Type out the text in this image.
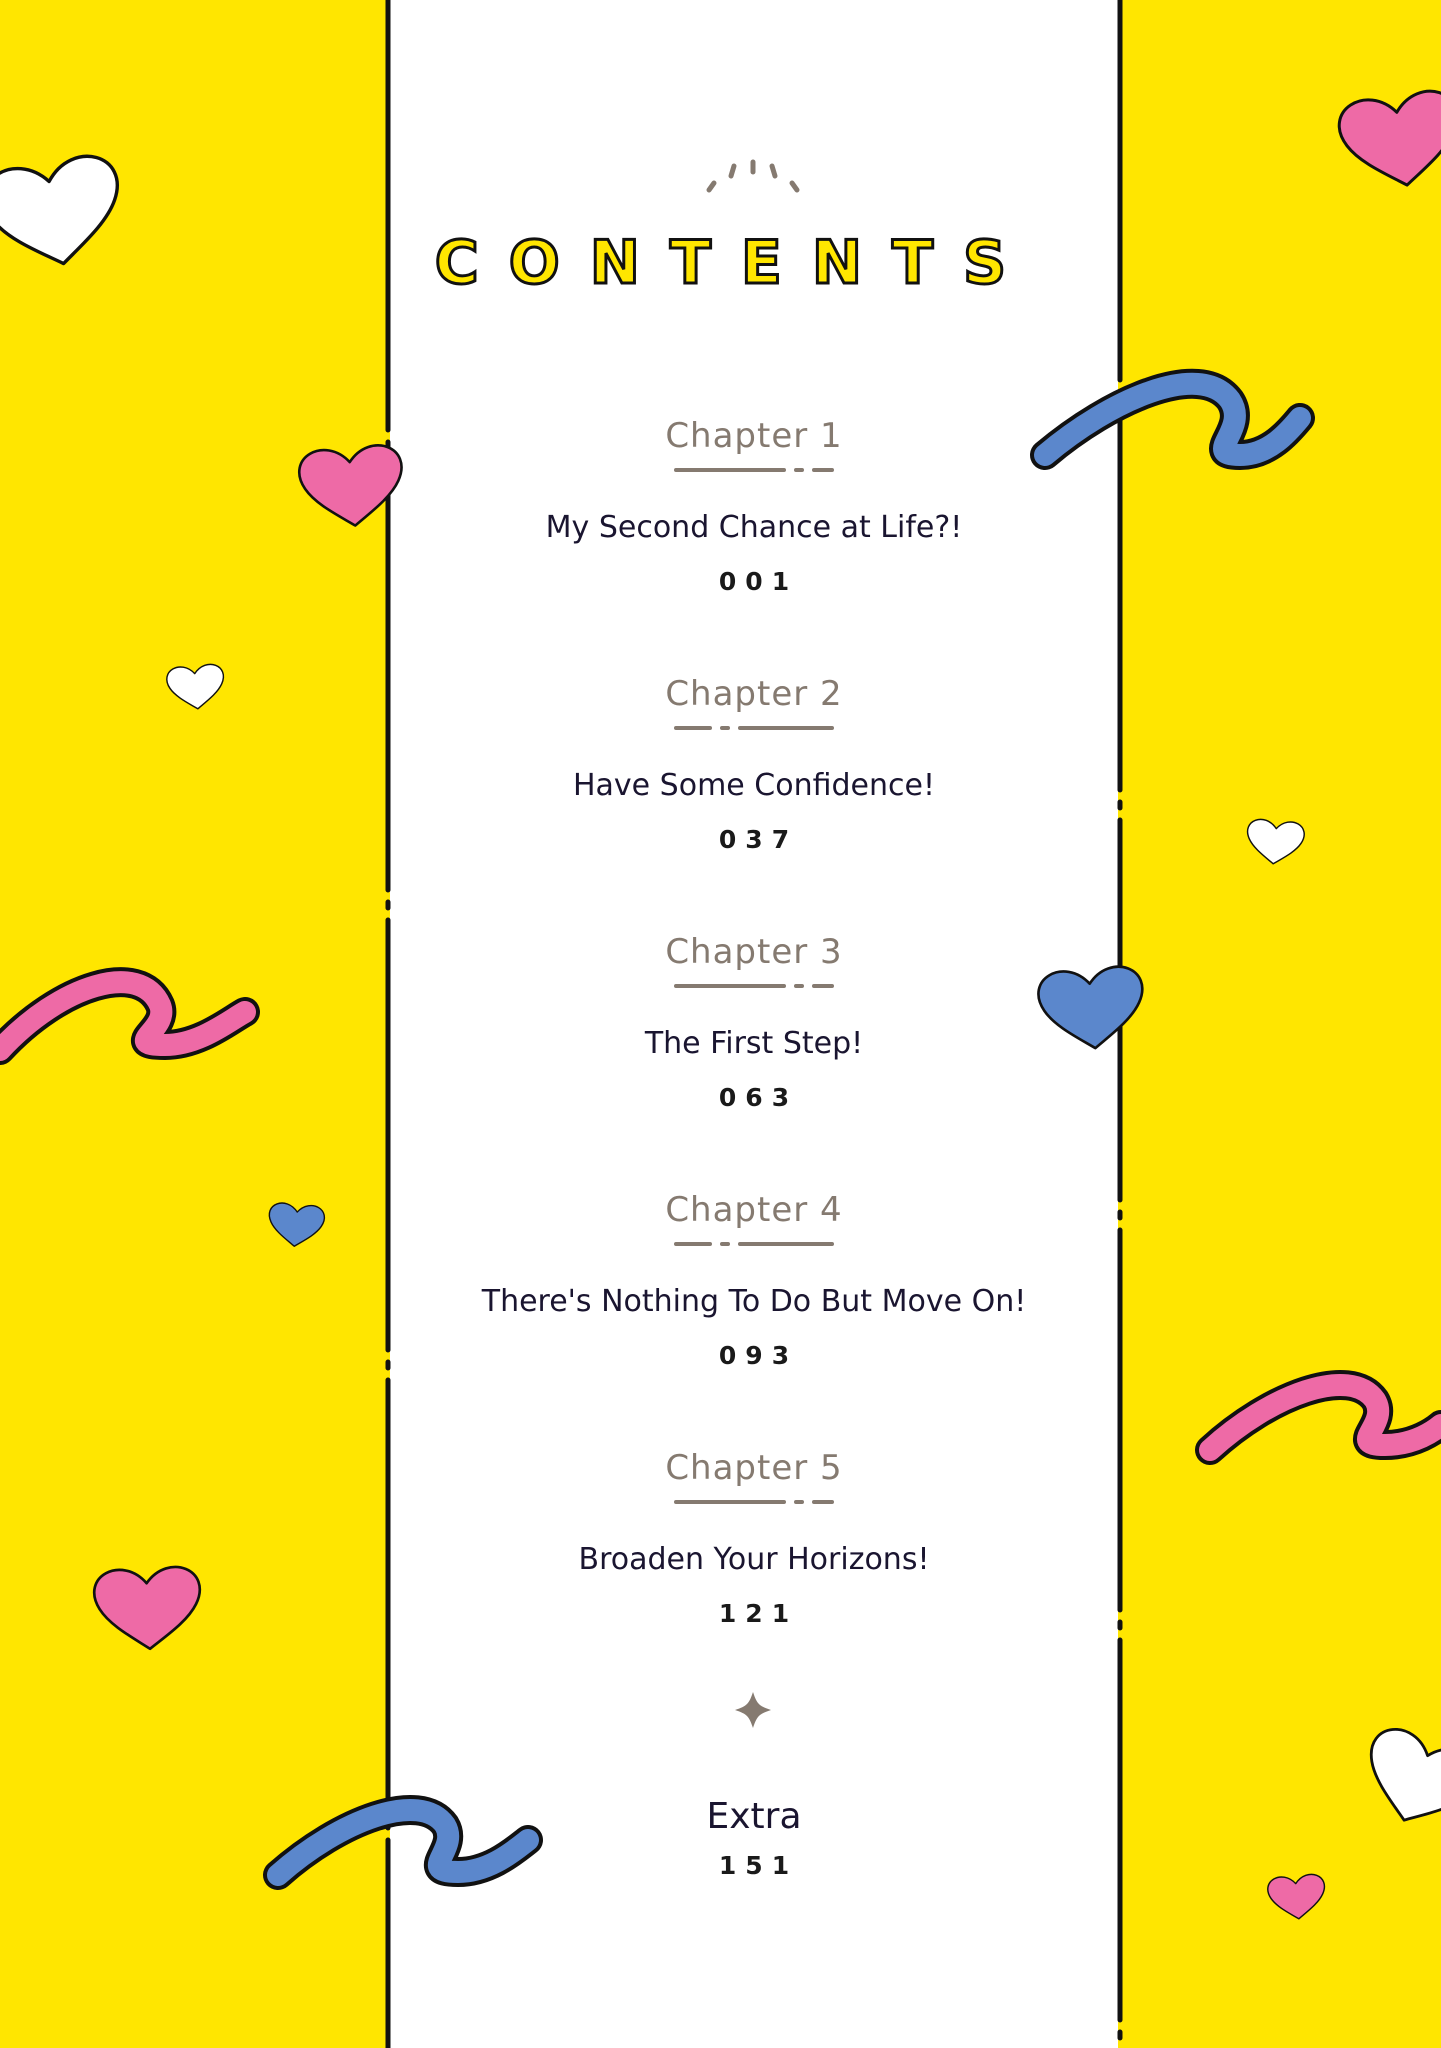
CONTENTS
Chapter 1
My Second Chance at Life?!
001
Chapter 2
Have Some Confidence!
037
Chapter 3
The First Step!
063
Chapter 4
There's Nothing To Do But Move On!
093
Chapter 5
Broaden Your Horizons!
121
Extra
151
